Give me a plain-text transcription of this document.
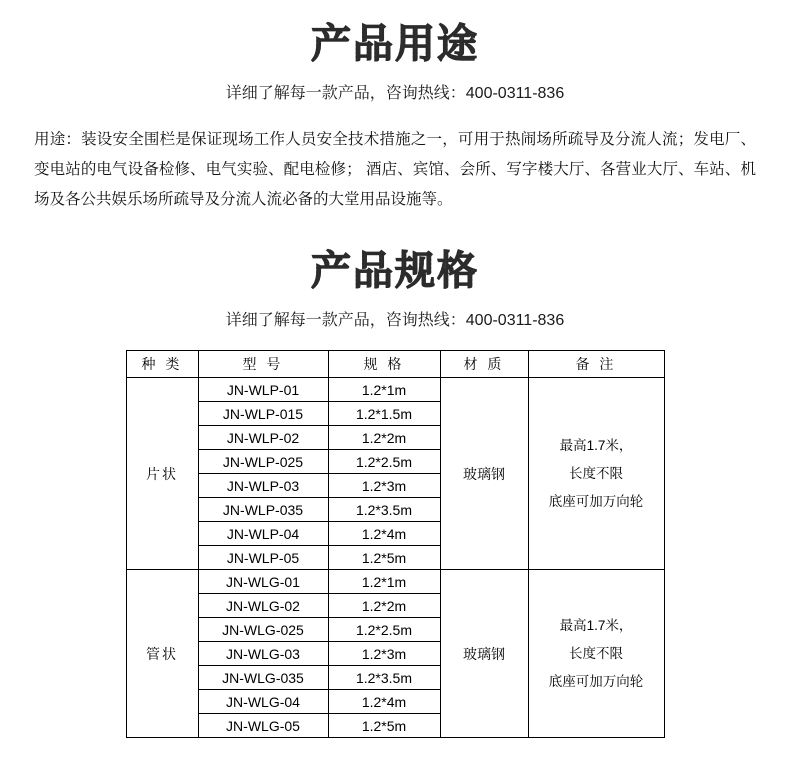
产品用途
详细了解每一款产品，咨询热线：400-0311-836
用途：装设安全围栏是保证现场工作人员安全技术措施之一，可用于热闹场所疏导及分流人流；发电厂、变电站的电气设备检修、电气实验、配电检修； 酒店、宾馆、会所、写字楼大厅、各营业大厅、车站、机场及各公共娱乐场所疏导及分流人流必备的大堂用品设施等。
产品规格
详细了解每一款产品，咨询热线：400-0311-836
种 类	型 号	规 格	材 质	备 注
片状	JN-WLP-01	1.2*1m	玻璃钢	最高1.7米，
长度不限
底座可加万向轮

	JN-WLP-015	1.2*1.5m		
	JN-WLP-02	1.2*2m		
	JN-WLP-025	1.2*2.5m		
	JN-WLP-03	1.2*3m		
	JN-WLP-035	1.2*3.5m		
	JN-WLP-04	1.2*4m		
	JN-WLP-05	1.2*5m		
管状	JN-WLG-01	1.2*1m	玻璃钢	最高1.7米，
长度不限
底座可加万向轮

	JN-WLG-02	1.2*2m		
	JN-WLG-025	1.2*2.5m		
	JN-WLG-03	1.2*3m		
	JN-WLG-035	1.2*3.5m		
	JN-WLG-04	1.2*4m		
	JN-WLG-05	1.2*5m		
